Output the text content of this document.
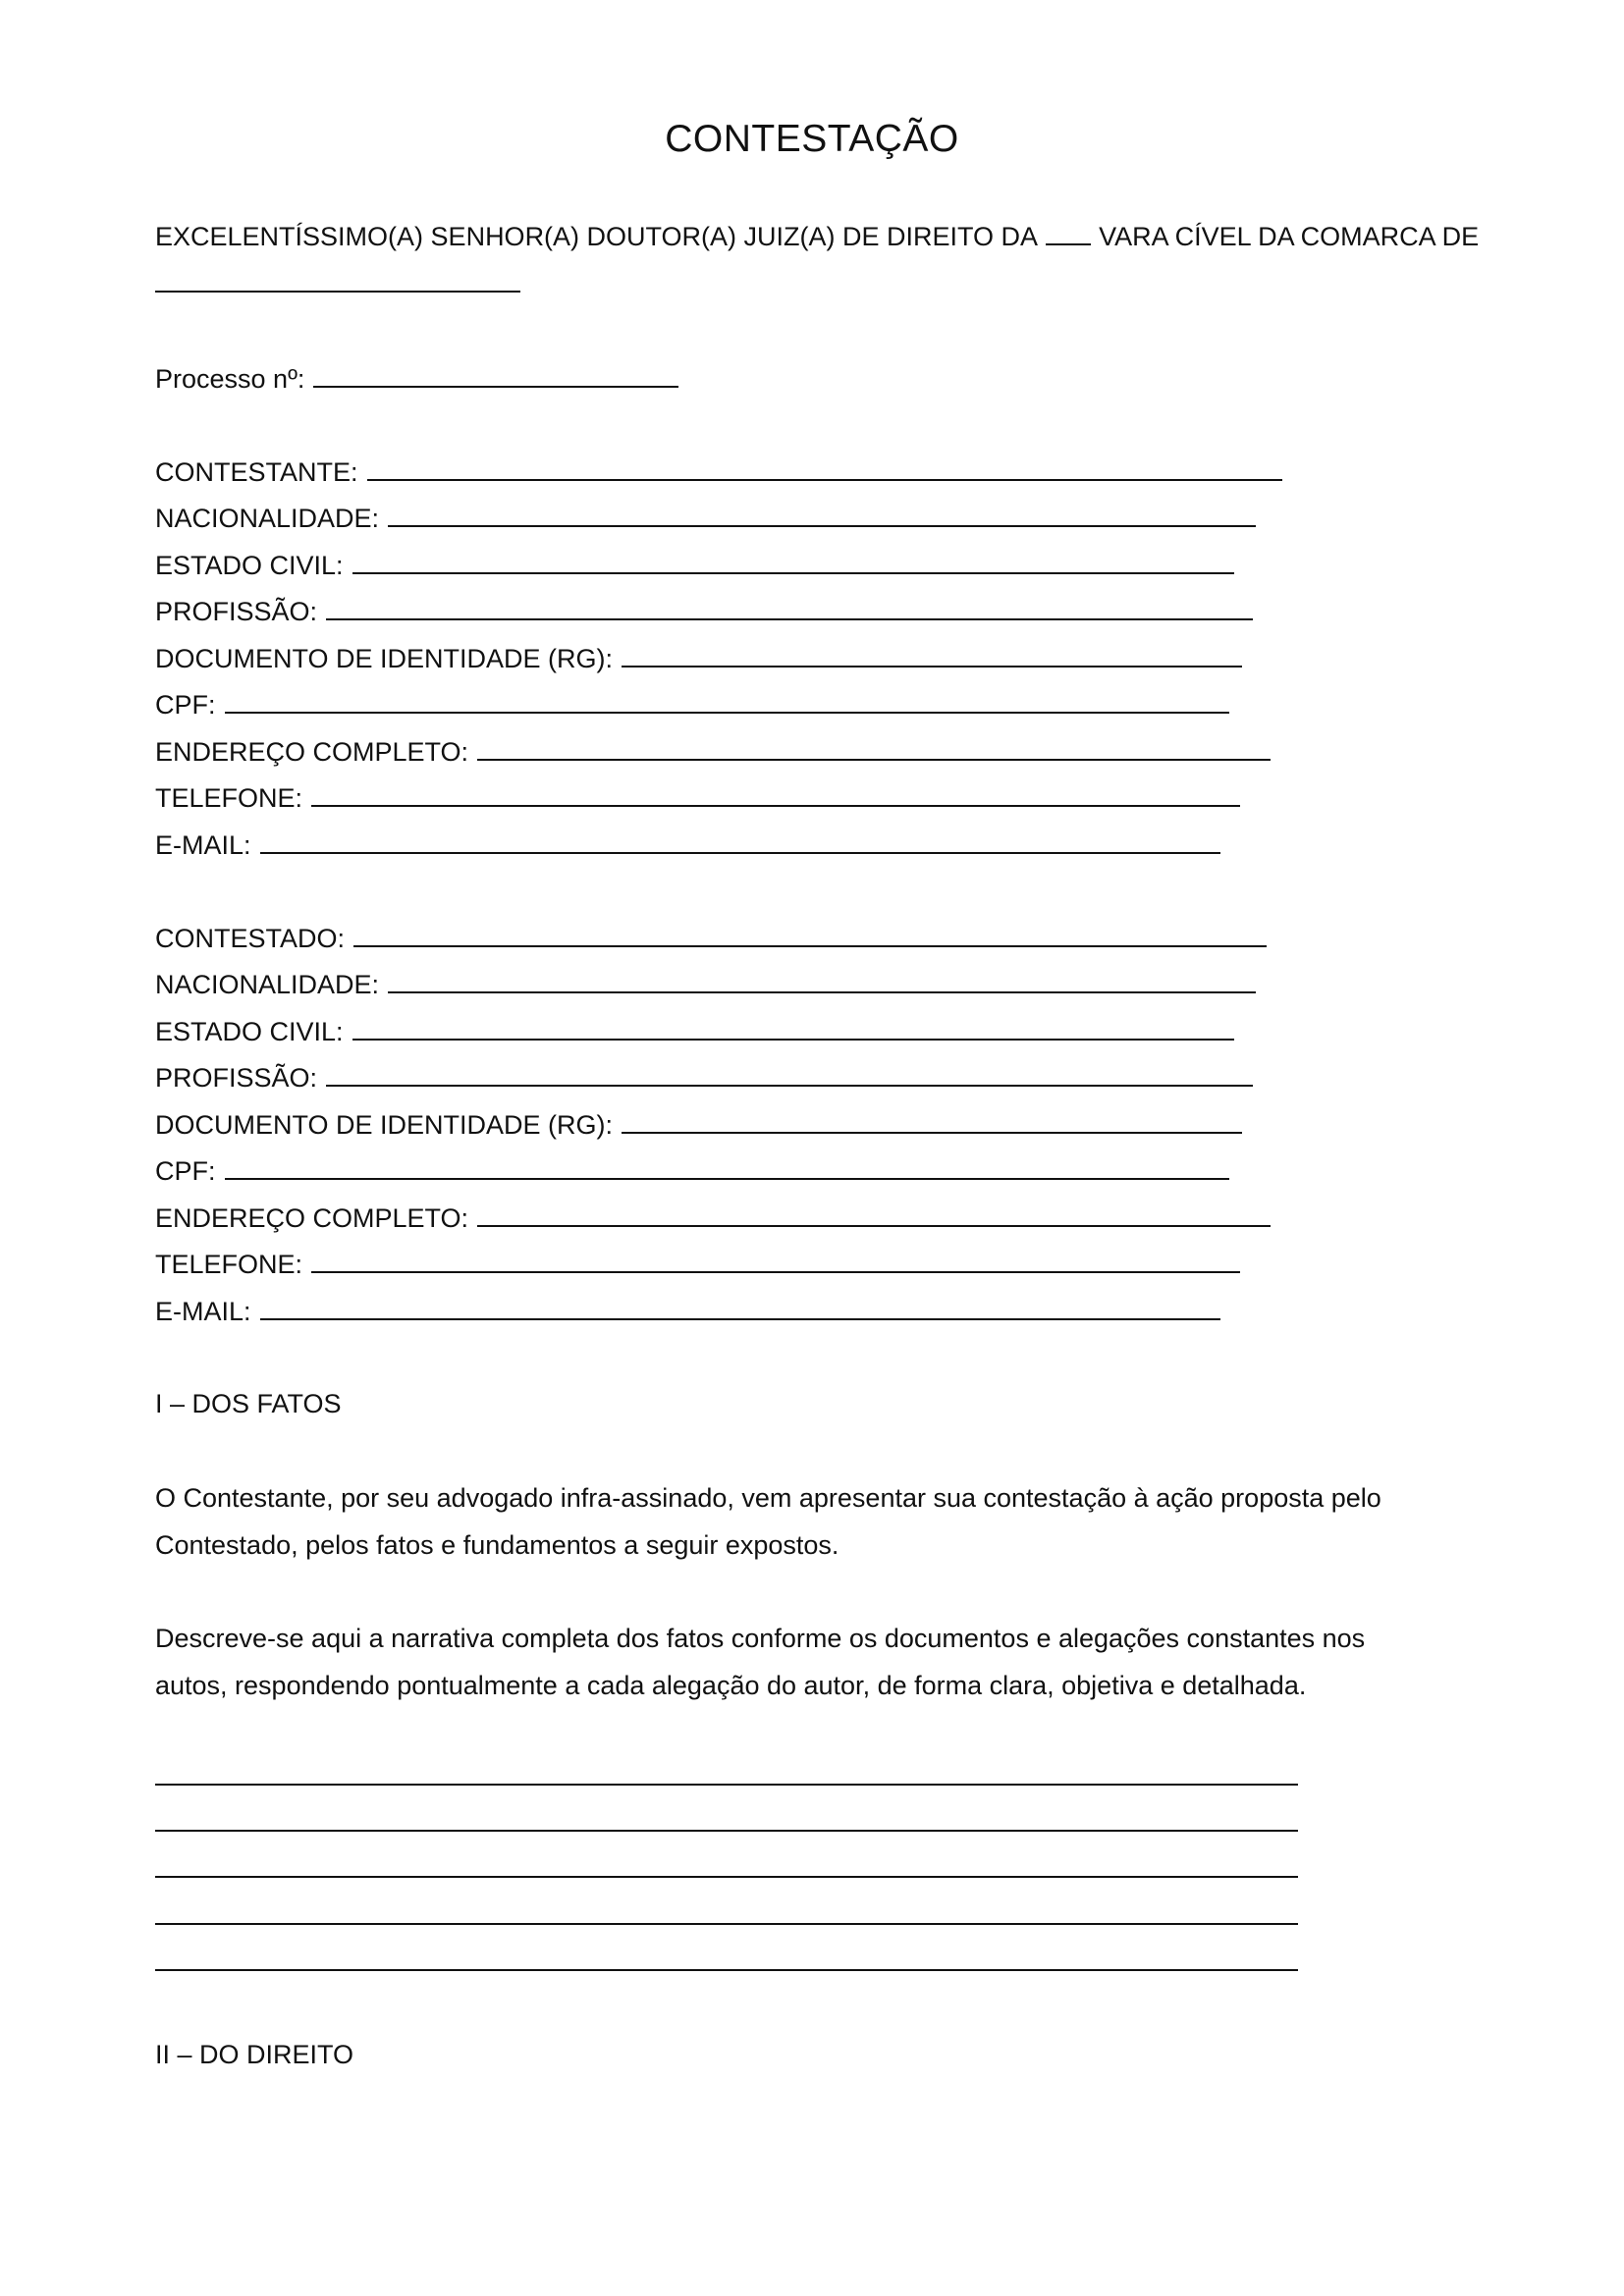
CONTESTAÇÃO
EXCELENTÍSSIMO(A) SENHOR(A) DOUTOR(A) JUIZ(A) DE DIREITO DA VARA CÍVEL DA COMARCA DE
Processo nº:
CONTESTANTE:
NACIONALIDADE:
ESTADO CIVIL:
PROFISSÃO:
DOCUMENTO DE IDENTIDADE (RG):
CPF:
ENDEREÇO COMPLETO:
TELEFONE:
E-MAIL:
CONTESTADO:
NACIONALIDADE:
ESTADO CIVIL:
PROFISSÃO:
DOCUMENTO DE IDENTIDADE (RG):
CPF:
ENDEREÇO COMPLETO:
TELEFONE:
E-MAIL:
I – DOS FATOS
O Contestante, por seu advogado infra-assinado, vem apresentar sua contestação à ação proposta pelo Contestado, pelos fatos e fundamentos a seguir expostos.
Descreve-se aqui a narrativa completa dos fatos conforme os documentos e alegações constantes nos autos, respondendo pontualmente a cada alegação do autor, de forma clara, objetiva e detalhada.
II – DO DIREITO
